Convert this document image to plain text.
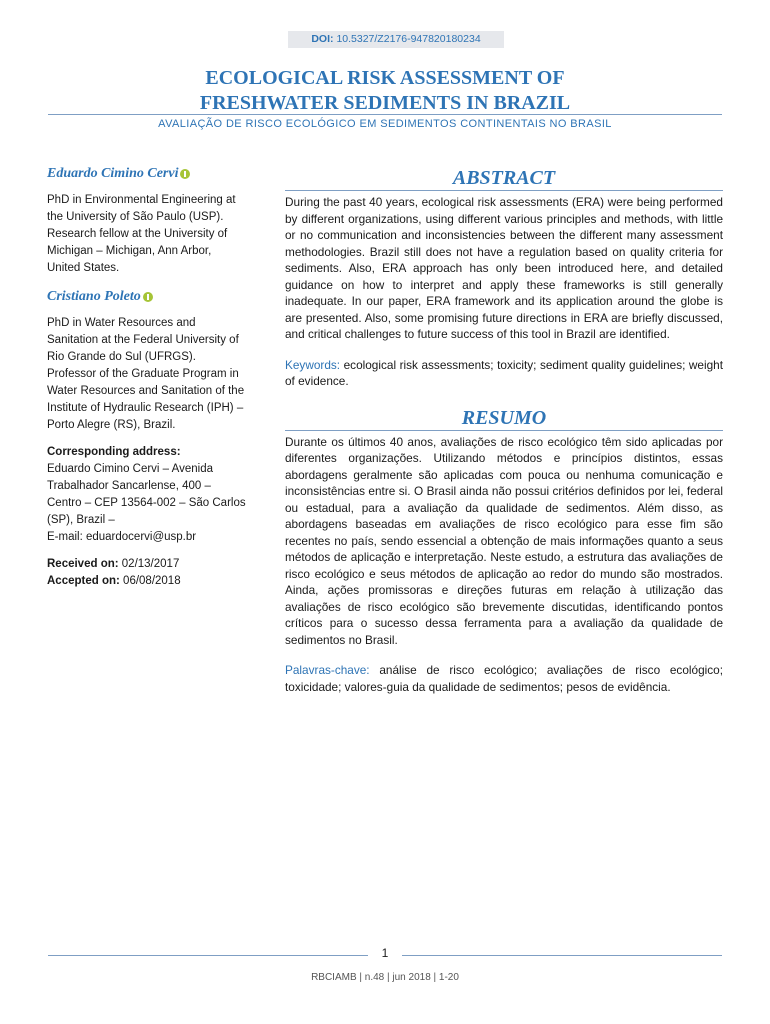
DOI: 10.5327/Z2176-947820180234
ECOLOGICAL RISK ASSESSMENT OF
FRESHWATER SEDIMENTS IN BRAZIL
AVALIAÇÃO DE RISCO ECOLÓGICO EM SEDIMENTOS CONTINENTAIS NO BRASIL
Eduardo Cimino Cervi

PhD in Environmental Engineering at the University of São Paulo (USP). Research fellow at the University of Michigan – Michigan, Ann Arbor, United States.

Cristiano Poleto

PhD in Water Resources and Sanitation at the Federal University of Rio Grande do Sul (UFRGS). Professor of the Graduate Program in Water Resources and Sanitation of the Institute of Hydraulic Research (IPH) – Porto Alegre (RS), Brazil.

Corresponding address:
Eduardo Cimino Cervi – Avenida Trabalhador Sancarlense, 400 – Centro – CEP 13564-002 – São Carlos (SP), Brazil –
E-mail: eduardocervi@usp.br
Received on: 02/13/2017
Accepted on: 06/08/2018
ABSTRACT

During the past 40 years, ecological risk assessments (ERA) were being performed by different organizations, using different various principles and methods, with little or no communication and inconsistencies between the different many assessment methodologies. Brazil still does not have a regulation based on quality criteria for sediments. Also, ERA approach has only been introduced here, and detailed guidance on how to interpret and apply these frameworks is still generally inadequate. In our paper, ERA framework and its application around the globe is are presented. Also, some promising future directions in ERA are briefly discussed, and critical challenges to future success of this tool in Brazil are identified.

Keywords: ecological risk assessments; toxicity; sediment quality guidelines; weight of evidence.

RESUMO

Durante os últimos 40 anos, avaliações de risco ecológico têm sido aplicadas por diferentes organizações. Utilizando métodos e princípios distintos, essas abordagens geralmente são aplicadas com pouca ou nenhuma comunicação e inconsistências entre si. O Brasil ainda não possui critérios definidos por lei, federal ou estadual, para a avaliação da qualidade de sedimentos. Além disso, as abordagens baseadas em avaliações de risco ecológico para esse fim são recentes no país, sendo essencial a obtenção de mais informações quanto a seus métodos de aplicação e interpretação. Neste estudo, a estrutura das avaliações de risco ecológico e seus métodos de aplicação ao redor do mundo são mostrados. Ainda, ações promissoras e direções futuras em relação à utilização das avaliações de risco ecológico são brevemente discutidas, identificando pontos críticos para o sucesso dessa ferramenta para a avaliação da qualidade de sedimentos no Brasil.

Palavras-chave: análise de risco ecológico; avaliações de risco ecológico; toxicidade; valores-guia da qualidade de sedimentos; pesos de evidência.

1
RBCIAMB | n.48 | jun 2018 | 1-20
